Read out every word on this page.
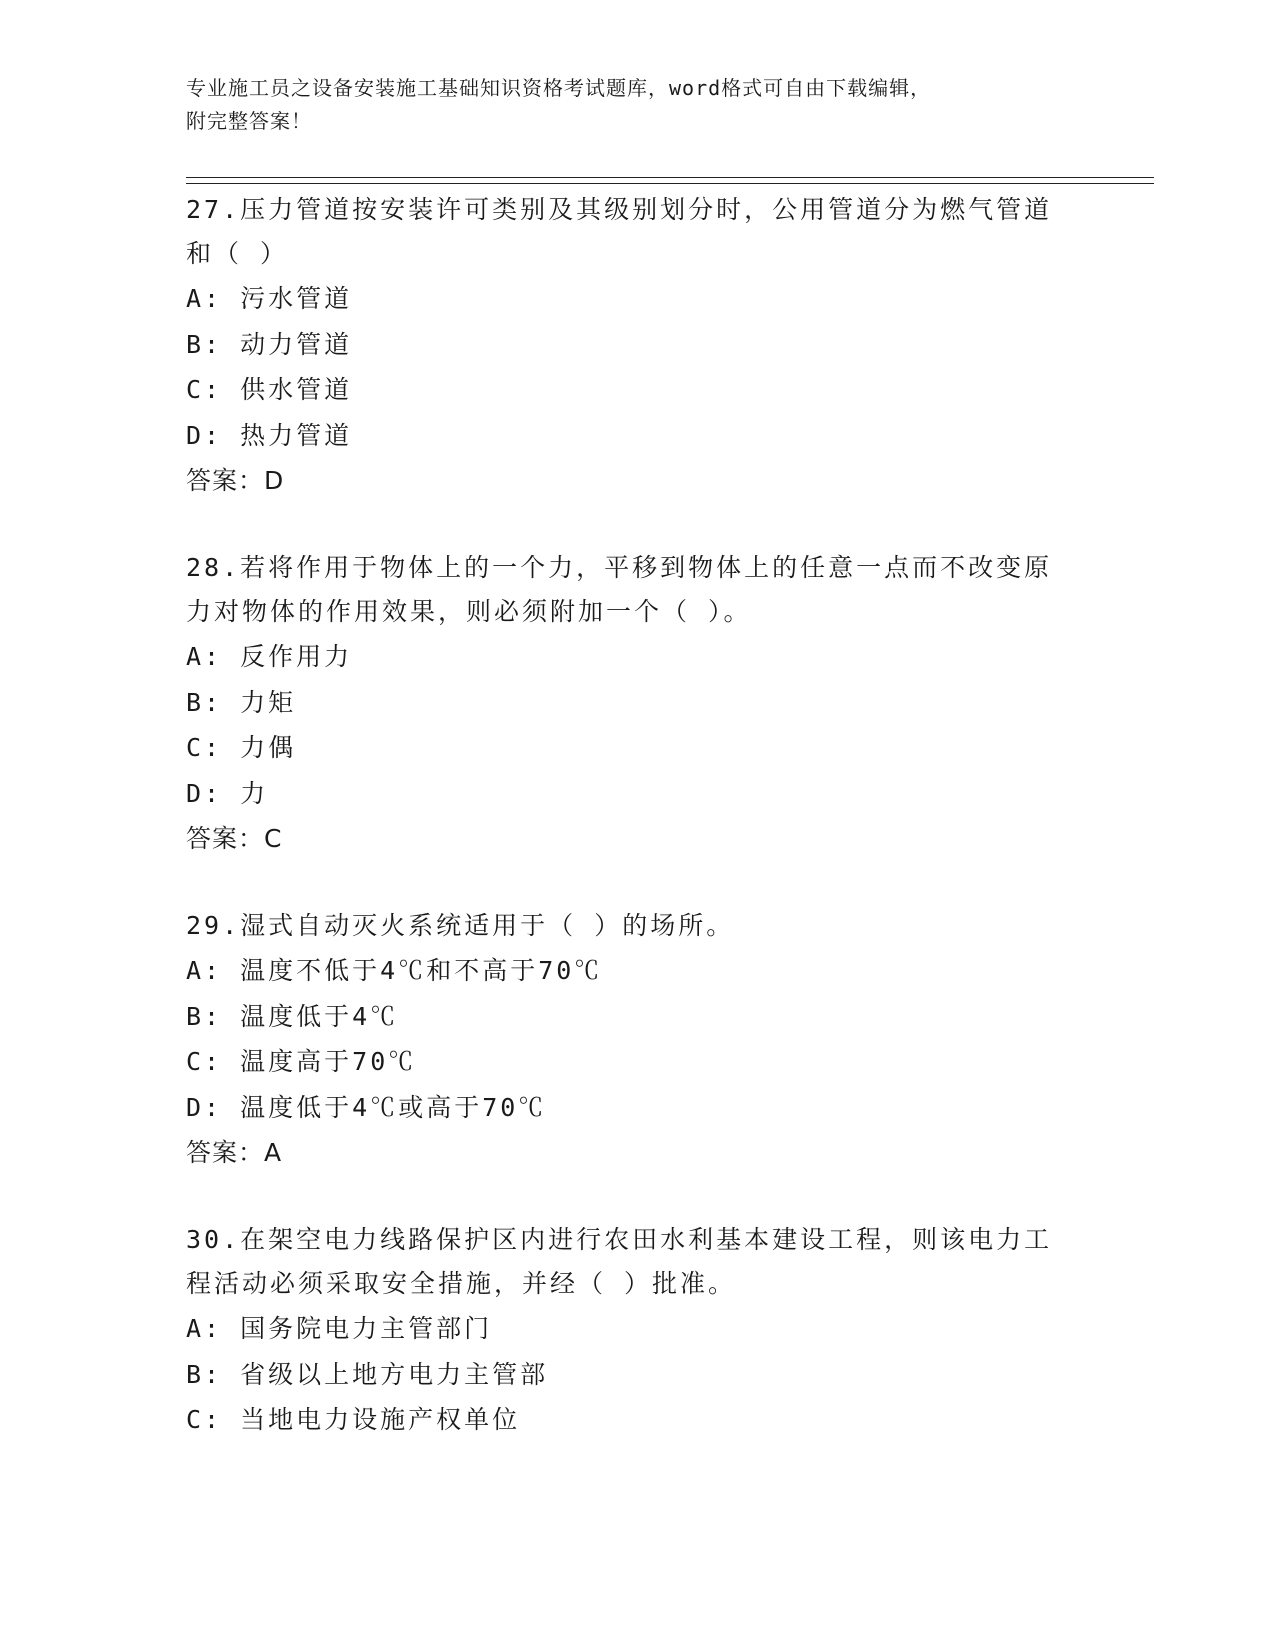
专业施工员之设备安装施工基础知识资格考试题库，word格式可自由下载编辑，
附完整答案！

27.压力管道按安装许可类别及其级别划分时，公用管道分为燃气管道

和（ ）

A: 污水管道

B: 动力管道

C: 供水管道

D: 热力管道

答案：D

28.若将作用于物体上的一个力，平移到物体上的任意一点而不改变原

力对物体的作用效果，则必须附加一个（ ）。

A: 反作用力

B: 力矩

C: 力偶

D: 力

答案：C

29.湿式自动灭火系统适用于（ ）的场所。

A: 温度不低于4℃和不高于70℃

B: 温度低于4℃

C: 温度高于70℃

D: 温度低于4℃或高于70℃

答案：A

30.在架空电力线路保护区内进行农田水利基本建设工程，则该电力工

程活动必须采取安全措施，并经（ ）批准。

A: 国务院电力主管部门

B: 省级以上地方电力主管部

C: 当地电力设施产权单位
